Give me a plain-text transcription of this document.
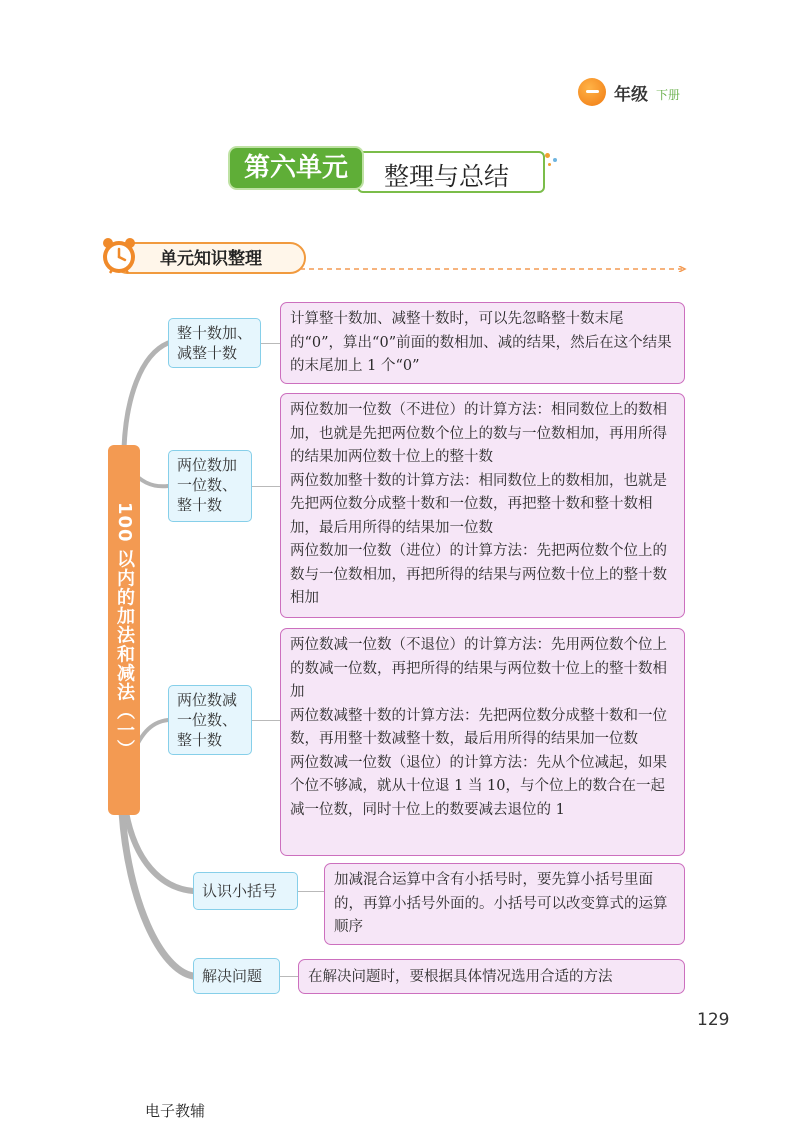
年级 下册
第六单元	整理与总结
单元知识整理
100 以内的加法和减法（一）
整十数加、减整十数
两位数加一位数、整十数
两位数减一位数、整十数
认识小括号
解决问题

计算整十数加、减整十数时，可以先忽略整十数末尾的“0”，算出“0”前面的数相加、减的结果，然后在这个结果的末尾加上 1 个“0”

两位数加一位数（不进位）的计算方法：相同数位上的数相加，也就是先把两位数个位上的数与一位数相加，再用所得的结果加两位数十位上的整十数

两位数加整十数的计算方法：相同数位上的数相加，也就是先把两位数分成整十数和一位数，再把整十数和整十数相加，最后用所得的结果加一位数

两位数加一位数（进位）的计算方法：先把两位数个位上的数与一位数相加，再把所得的结果与两位数十位上的整十数相加

两位数减一位数（不退位）的计算方法：先用两位数个位上的数减一位数，再把所得的结果与两位数十位上的整十数相加

两位数减整十数的计算方法：先把两位数分成整十数和一位数，再用整十数减整十数，最后用所得的结果加一位数

两位数减一位数（退位）的计算方法：先从个位减起，如果个位不够减，就从十位退 1 当 10，与个位上的数合在一起减一位数，同时十位上的数要减去退位的 1

加减混合运算中含有小括号时，要先算小括号里面的，再算小括号外面的。小括号可以改变算式的运算顺序

在解决问题时，要根据具体情况选用合适的方法

129
电子教辅
